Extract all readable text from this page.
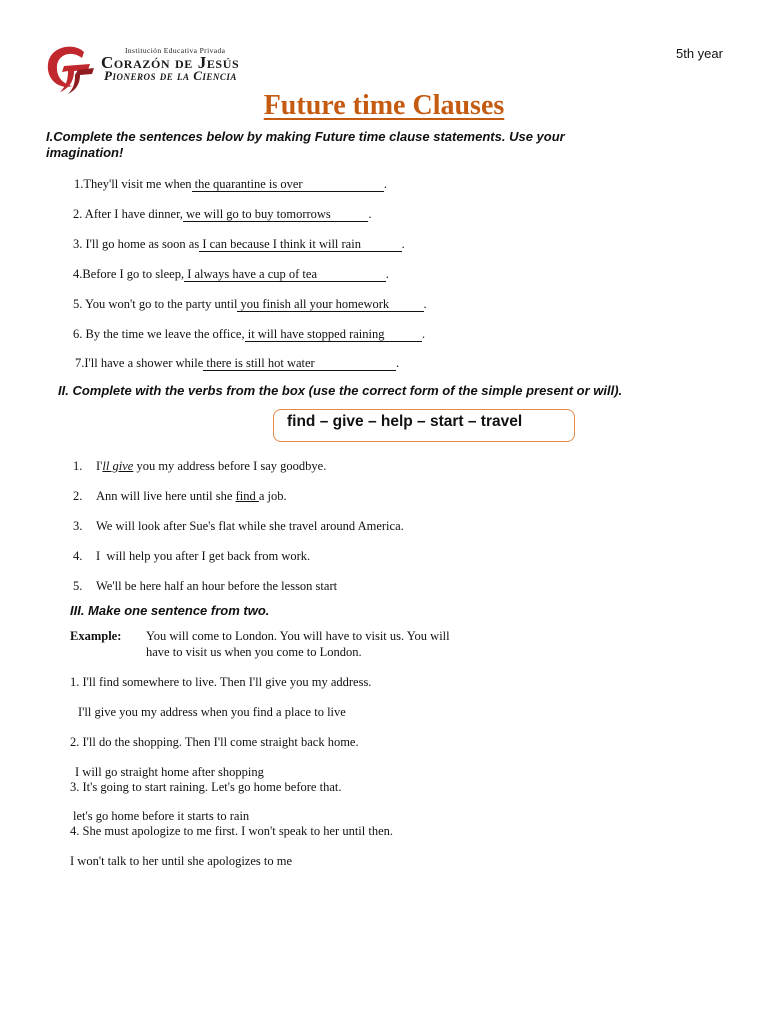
Institución Educativa Privada
Corazón de Jesús
Pioneros de la Ciencia
5th year
Future time Clauses
I.Complete the sentences below by making Future time clause statements. Use your imagination!
1.They'll visit me when the quarantine is over                          .
2. After I have dinner, we will go to buy tomorrows            .
3. I'll go home as soon as I can because I think it will rain             .
4.Before I go to sleep, I always have a cup of tea                      .
5. You won't go to the party until you finish all your homework           .
6. By the time we leave the office, it will have stopped raining            .
7.I'll have a shower while there is still hot water                          .
II. Complete with the verbs from the box (use the correct form of the simple present or will).
find – give – help – start – travel
1. I'll give you my address before I say goodbye.
2. Ann will live here until she find a job.
3. We will look after Sue's flat while she travel around America.
4. I  will help you after I get back from work.
5. We'll be here half an hour before the lesson start
III. Make one sentence from two.
Example: You will come to London. You will have to visit us. You will have to visit us when you come to London.
1. I'll find somewhere to live. Then I'll give you my address.
I'll give you my address when you find a place to live
2. I'll do the shopping. Then I'll come straight back home.
I will go straight home after shopping
3. It's going to start raining. Let's go home before that.
let's go home before it starts to rain
4. She must apologize to me first. I won't speak to her until then.
I won't talk to her until she apologizes to me
